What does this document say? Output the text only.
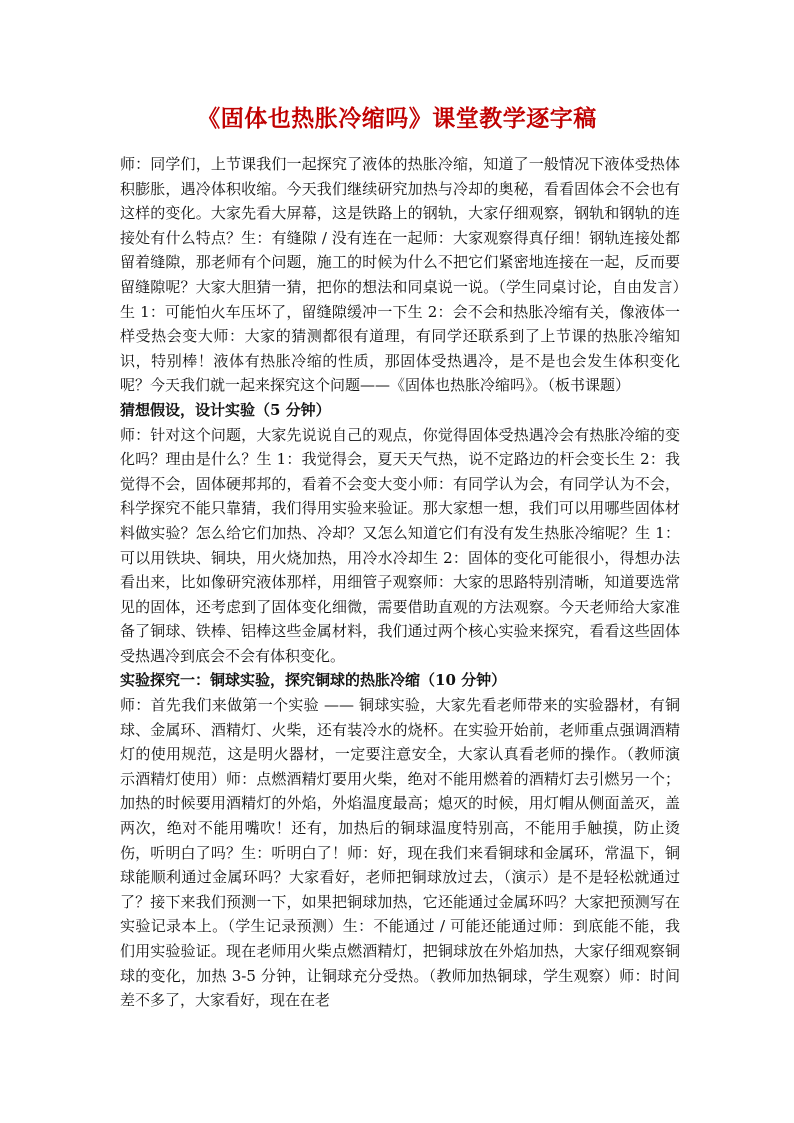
《固体也热胀冷缩吗》课堂教学逐字稿

师：同学们，上节课我们一起探究了液体的热胀冷缩，知道了一般情况下液体受热体积膨胀，遇冷体积收缩。今天我们继续研究加热与冷却的奥秘，看看固体会不会也有这样的变化。大家先看大屏幕，这是铁路上的钢轨，大家仔细观察，钢轨和钢轨的连接处有什么特点？生：有缝隙 / 没有连在一起师：大家观察得真仔细！钢轨连接处都留着缝隙，那老师有个问题，施工的时候为什么不把它们紧密地连接在一起，反而要留缝隙呢？大家大胆猜一猜，把你的想法和同桌说一说。（学生同桌讨论，自由发言）生 1：可能怕火车压坏了，留缝隙缓冲一下生 2：会不会和热胀冷缩有关，像液体一样受热会变大师：大家的猜测都很有道理，有同学还联系到了上节课的热胀冷缩知识，特别棒！液体有热胀冷缩的性质，那固体受热遇冷，是不是也会发生体积变化呢？今天我们就一起来探究这个问题——《固体也热胀冷缩吗》。（板书课题）

猜想假设，设计实验（5 分钟）

师：针对这个问题，大家先说说自己的观点，你觉得固体受热遇冷会有热胀冷缩的变化吗？理由是什么？生 1：我觉得会，夏天天气热，说不定路边的杆会变长生 2：我觉得不会，固体硬邦邦的，看着不会变大变小师：有同学认为会，有同学认为不会，科学探究不能只靠猜，我们得用实验来验证。那大家想一想，我们可以用哪些固体材料做实验？怎么给它们加热、冷却？又怎么知道它们有没有发生热胀冷缩呢？生 1：可以用铁块、铜块，用火烧加热，用冷水冷却生 2：固体的变化可能很小，得想办法看出来，比如像研究液体那样，用细管子观察师：大家的思路特别清晰，知道要选常见的固体，还考虑到了固体变化细微，需要借助直观的方法观察。今天老师给大家准备了铜球、铁棒、铝棒这些金属材料，我们通过两个核心实验来探究，看看这些固体受热遇冷到底会不会有体积变化。

实验探究一：铜球实验，探究铜球的热胀冷缩（10 分钟）

师：首先我们来做第一个实验 —— 铜球实验，大家先看老师带来的实验器材，有铜球、金属环、酒精灯、火柴，还有装冷水的烧杯。在实验开始前，老师重点强调酒精灯的使用规范，这是明火器材，一定要注意安全，大家认真看老师的操作。（教师演示酒精灯使用）师：点燃酒精灯要用火柴，绝对不能用燃着的酒精灯去引燃另一个；加热的时候要用酒精灯的外焰，外焰温度最高；熄灭的时候，用灯帽从侧面盖灭，盖两次，绝对不能用嘴吹！还有，加热后的铜球温度特别高，不能用手触摸，防止烫伤，听明白了吗？生：听明白了！师：好，现在我们来看铜球和金属环，常温下，铜球能顺利通过金属环吗？大家看好，老师把铜球放过去，（演示）是不是轻松就通过了？接下来我们预测一下，如果把铜球加热，它还能通过金属环吗？大家把预测写在实验记录本上。（学生记录预测）生：不能通过 / 可能还能通过师：到底能不能，我们用实验验证。现在老师用火柴点燃酒精灯，把铜球放在外焰加热，大家仔细观察铜球的变化，加热 3-5 分钟，让铜球充分受热。（教师加热铜球，学生观察）师：时间差不多了，大家看好，现在在老
